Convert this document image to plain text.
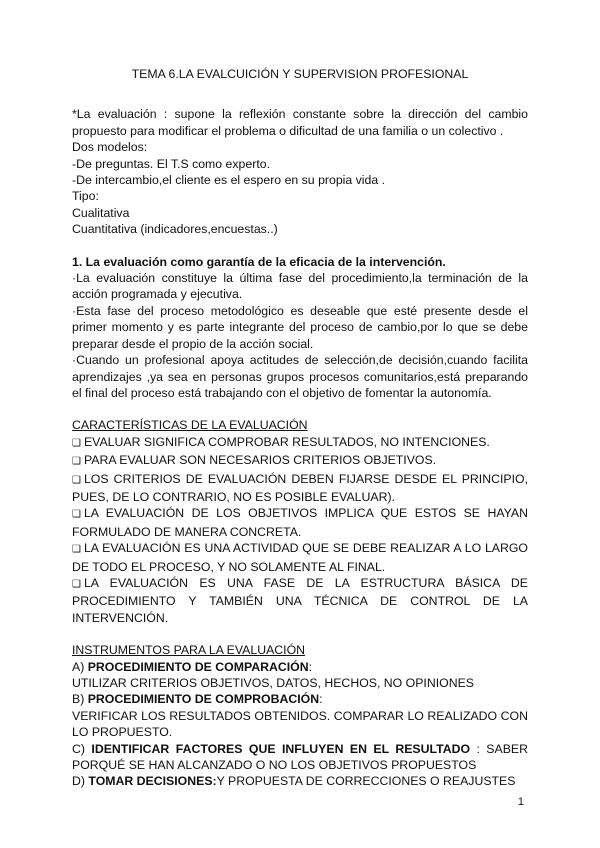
TEMA 6.LA EVALCUICIÓN Y SUPERVISION PROFESIONAL

*La evaluación : supone la reflexión constante sobre la dirección del cambio propuesto para modificar el problema o dificultad de una familia o un colectivo .

Dos modelos:

-De preguntas. El T.S como experto.

-De intercambio,el cliente es el espero en su propia vida .

Tipo:

Cualitativa

Cuantitativa (indicadores,encuestas..)

1. La evaluación como garantía de la eficacia de la intervención.

·La evaluación constituye la última fase del procedimiento,la terminación de la acción programada y ejecutiva.

·Esta fase del proceso metodológico es deseable que esté presente desde el primer momento y es parte integrante del proceso de cambio,por lo que se debe preparar desde el propio de la acción social.

·Cuando un profesional apoya actitudes de selección,de decisión,cuando facilita aprendizajes ,ya sea en personas grupos procesos comunitarios,está preparando el final del proceso está trabajando con el objetivo de fomentar la autonomía.

CARACTERÍSTICAS DE LA EVALUACIÓN

❑ EVALUAR SIGNIFICA COMPROBAR RESULTADOS, NO INTENCIONES.

❑ PARA EVALUAR SON NECESARIOS CRITERIOS OBJETIVOS.

❑ LOS CRITERIOS DE EVALUACIÓN DEBEN FIJARSE DESDE EL PRINCIPIO, PUES, DE LO CONTRARIO, NO ES POSIBLE EVALUAR).

❑ LA EVALUACIÓN DE LOS OBJETIVOS IMPLICA QUE ESTOS SE HAYAN FORMULADO DE MANERA CONCRETA.

❑ LA EVALUACIÓN ES UNA ACTIVIDAD QUE SE DEBE REALIZAR A LO LARGO DE TODO EL PROCESO, Y NO SOLAMENTE AL FINAL.

❑ LA EVALUACIÓN ES UNA FASE DE LA ESTRUCTURA BÁSICA DE PROCEDIMIENTO Y TAMBIÉN UNA TÉCNICA DE CONTROL DE LA INTERVENCIÓN.

INSTRUMENTOS PARA LA EVALUACIÓN

A) PROCEDIMIENTO DE COMPARACIÓN:

UTILIZAR CRITERIOS OBJETIVOS, DATOS, HECHOS, NO OPINIONES

B) PROCEDIMIENTO DE COMPROBACIÓN:

VERIFICAR LOS RESULTADOS OBTENIDOS. COMPARAR LO REALIZADO CON LO PROPUESTO.

C) IDENTIFICAR FACTORES QUE INFLUYEN EN EL RESULTADO : SABER PORQUÉ SE HAN ALCANZADO O NO LOS OBJETIVOS PROPUESTOS

D) TOMAR DECISIONES:Y PROPUESTA DE CORRECCIONES O REAJUSTES

1
